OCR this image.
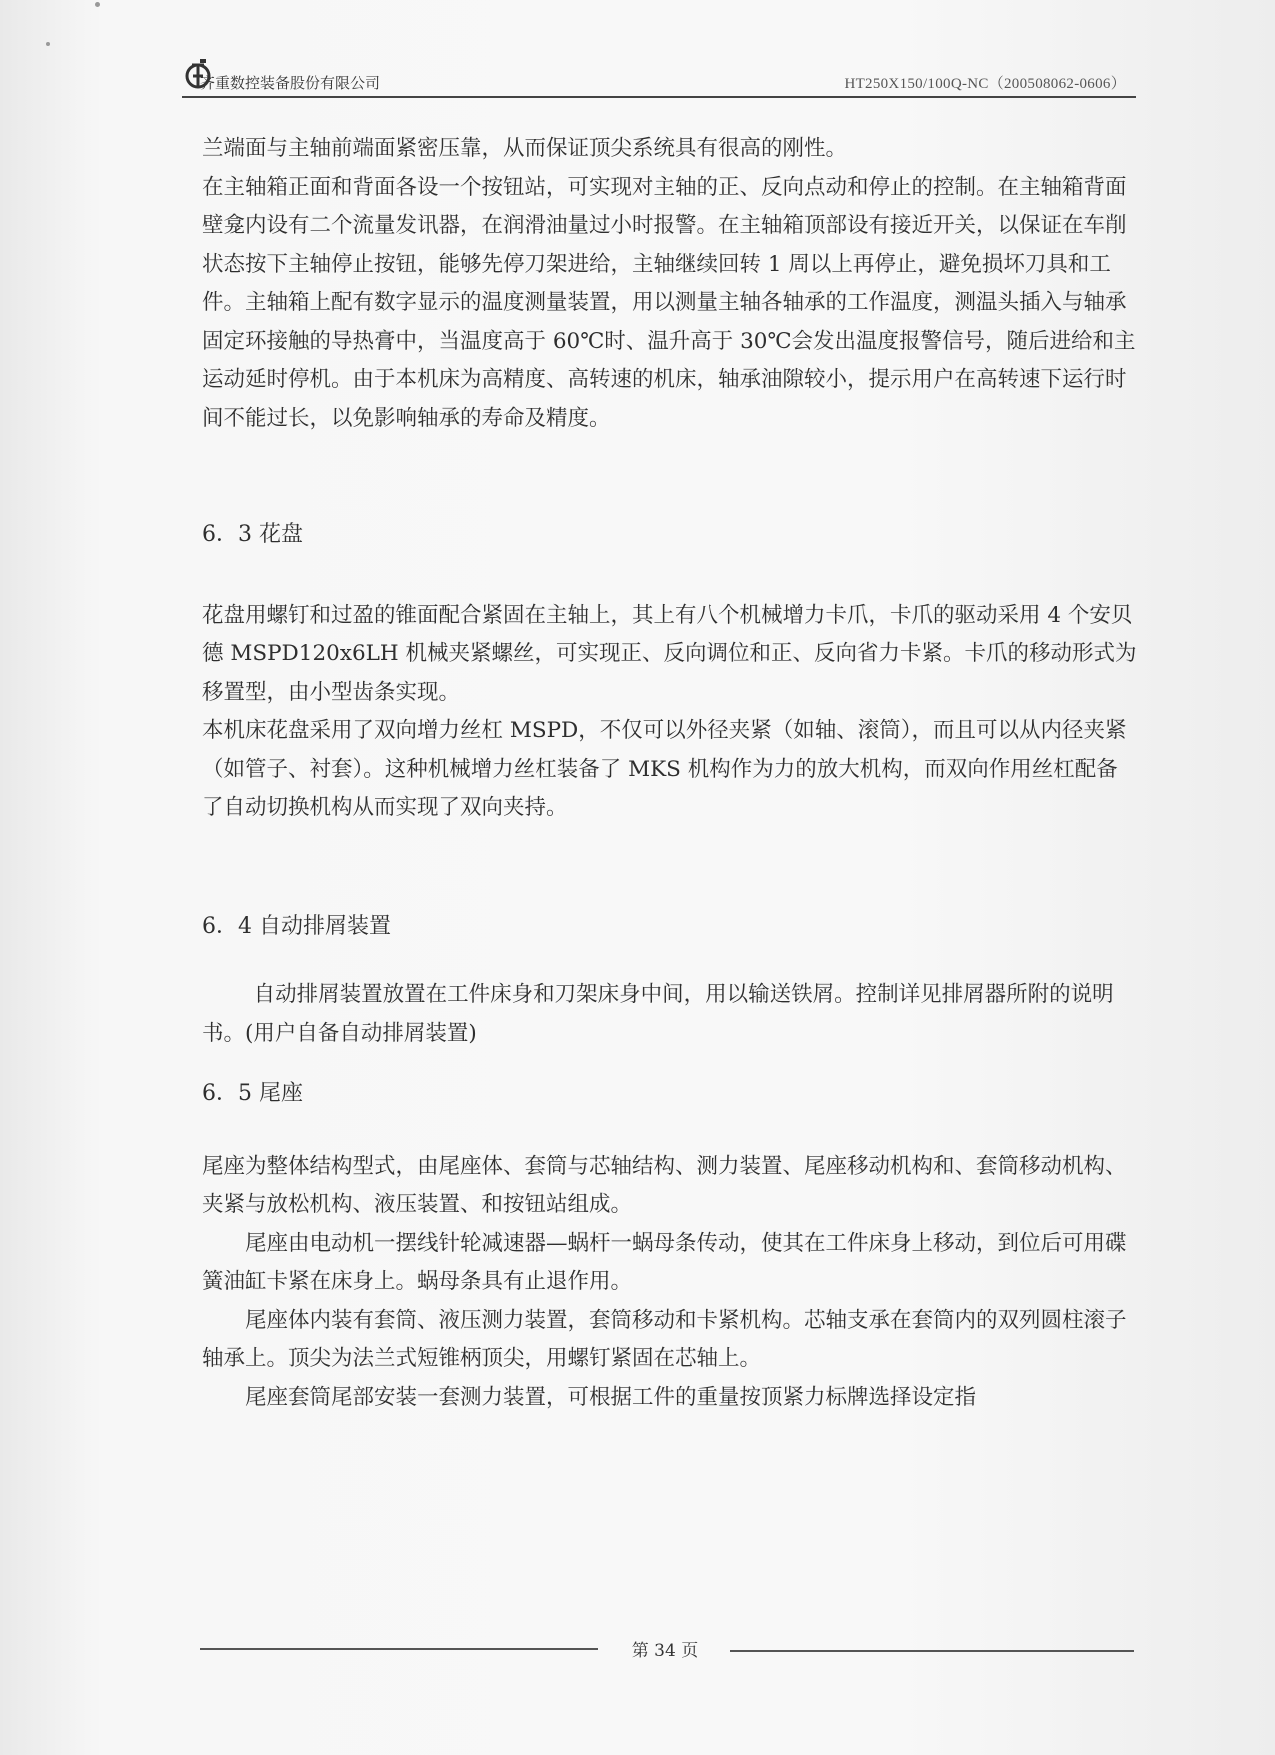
齐重数控装备股份有限公司	HT250X150/100Q-NC（200508062-0606）

兰端面与主轴前端面紧密压靠，从而保证顶尖系统具有很高的刚性。

在主轴箱正面和背面各设一个按钮站，可实现对主轴的正、反向点动和停止的控制。在主轴箱背面壁龛内设有二个流量发讯器，在润滑油量过小时报警。在主轴箱顶部设有接近开关，以保证在车削状态按下主轴停止按钮，能够先停刀架进给，主轴继续回转 1 周以上再停止，避免损坏刀具和工件。主轴箱上配有数字显示的温度测量装置，用以测量主轴各轴承的工作温度，测温头插入与轴承固定环接触的导热膏中，当温度高于 60℃时、温升高于 30℃会发出温度报警信号，随后进给和主运动延时停机。由于本机床为高精度、高转速的机床，轴承油隙较小，提示用户在高转速下运行时间不能过长，以免影响轴承的寿命及精度。

6．3 花盘

花盘用螺钉和过盈的锥面配合紧固在主轴上，其上有八个机械增力卡爪，卡爪的驱动采用 4 个安贝德 MSPD120x6LH 机械夹紧螺丝，可实现正、反向调位和正、反向省力卡紧。卡爪的移动形式为移置型，由小型齿条实现。

本机床花盘采用了双向增力丝杠 MSPD，不仅可以外径夹紧（如轴、滚筒），而且可以从内径夹紧（如管子、衬套）。这种机械增力丝杠装备了 MKS 机构作为力的放大机构，而双向作用丝杠配备了自动切换机构从而实现了双向夹持。

6．4 自动排屑装置

自动排屑装置放置在工件床身和刀架床身中间，用以输送铁屑。控制详见排屑器所附的说明书。(用户自备自动排屑装置)

6．5 尾座

尾座为整体结构型式，由尾座体、套筒与芯轴结构、测力装置、尾座移动机构和、套筒移动机构、夹紧与放松机构、液压装置、和按钮站组成。

尾座由电动机一摆线针轮减速器—蜗杆一蜗母条传动，使其在工件床身上移动，到位后可用碟簧油缸卡紧在床身上。蜗母条具有止退作用。

尾座体内装有套筒、液压测力装置，套筒移动和卡紧机构。芯轴支承在套筒内的双列圆柱滚子轴承上。顶尖为法兰式短锥柄顶尖，用螺钉紧固在芯轴上。

尾座套筒尾部安装一套测力装置，可根据工件的重量按顶紧力标牌选择设定指

第 34 页
